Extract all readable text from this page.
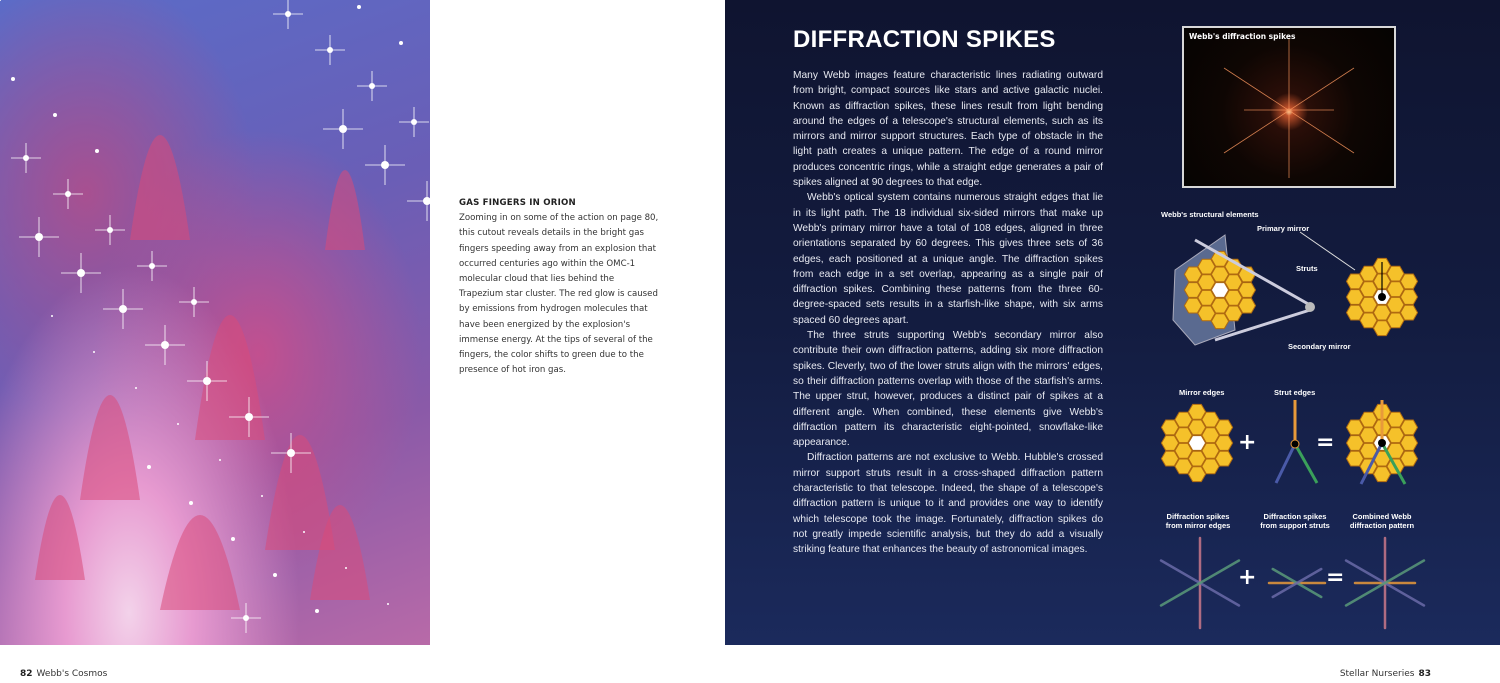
GAS FINGERS IN ORION

Zooming in on some of the action on page 80, this cutout reveals details in the bright gas fingers speeding away from an explosion that occurred centuries ago within the OMC-1 molecular cloud that lies behind the Trapezium star cluster. The red glow is caused by emissions from hydrogen molecules that have been energized by the explosion's immense energy. At the tips of several of the fingers, the color shifts to green due to the presence of hot iron gas.

DIFFRACTION SPIKES

Many Webb images feature characteristic lines radiating outward from bright, compact sources like stars and active galactic nuclei. Known as diffraction spikes, these lines result from light bending around the edges of a telescope's structural elements, such as its mirrors and mirror support structures. Each type of obstacle in the light path creates a unique pattern. The edge of a round mirror produces concentric rings, while a straight edge generates a pair of spikes aligned at 90 degrees to that edge.

Webb's optical system contains numerous straight edges that lie in its light path. The 18 individual six-sided mirrors that make up Webb's primary mirror have a total of 108 edges, aligned in three orientations separated by 60 degrees. This gives three sets of 36 edges, each positioned at a unique angle. The diffraction spikes from each edge in a set overlap, appearing as a single pair of diffraction spikes. Combining these patterns from the three 60-degree-spaced sets results in a starfish-like shape, with six arms spaced 60 degrees apart.

The three struts supporting Webb's secondary mirror also contribute their own diffraction patterns, adding six more diffraction spikes. Cleverly, two of the lower struts align with the mirrors' edges, so their diffraction patterns overlap with those of the starfish's arms. The upper strut, however, produces a distinct pair of spikes at a different angle. When combined, these elements give Webb's diffraction pattern its characteristic eight-pointed, snowflake-like appearance.

Diffraction patterns are not exclusive to Webb. Hubble's crossed mirror support struts result in a cross-shaped diffraction pattern characteristic to that telescope. Indeed, the shape of a telescope's diffraction pattern is unique to it and provides one way to identify which telescope took the image. Fortunately, diffraction spikes do not greatly impede scientific analysis, but they do add a visually striking feature that enhances the beauty of astronomical images.

Webb's diffraction spikes
Webb's structural elements
Primary mirror
Struts
Secondary mirror
Mirror edges	Strut edges
+	=
Diffraction spikes from mirror edges
Diffraction spikes from support struts
Combined Webb diffraction pattern
+	=
82 Webb's Cosmos	Stellar Nurseries 83
